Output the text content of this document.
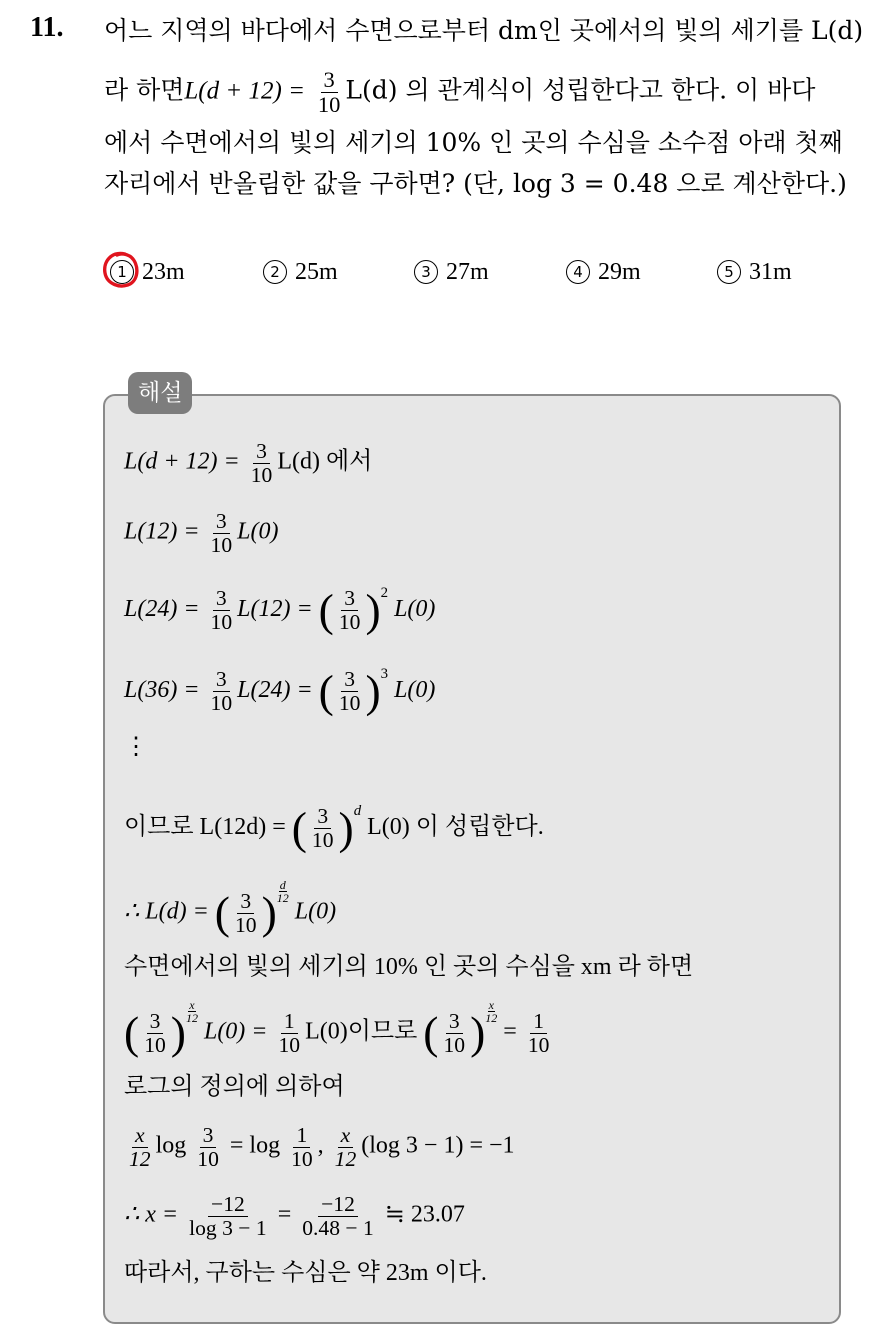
11. 어느 지역의 바다에서 수면으로부터 dm인 곳에서의 빛의 세기를 L(d)
라 하면$L(d + 12) = \frac{3}{10} L(d)$ 의 관계식이 성립한다고 한다. 이 바다
에서 수면에서의 빛의 세기의 10% 인 곳의 수심을 소수점 아래 첫째
자리에서 반올림한 값을 구하면? (단, log 3 = 0.48 으로 계산한다.)
1 23m	2 25m	3 27m	4 29m	5 31m
해설
$L(d + 12) = \frac{3}{10} L(d)$ 에서
$L(12) = \frac{3}{10} L(0)$
$L(24) = \frac{3}{10} L(12)$ = ( $\frac{3}{10} )^2$ L(0)
$L(36) = \frac{3}{10} L(24)$ = ( $\frac{3}{10} )^3$ L(0)
⋮
이므로 L(12d) = ( $\frac{3}{10} )^d$ L(0) 이 성립한다.
∴ L(d) = ( $\frac{3}{10}$ ) $\frac{d}{12}$
L(0)
수면에서의 빛의 세기의 10% 인 곳의 수심을 xm 라 하면
( $\frac{3}{10}$ ) $\frac{x}{12}$
$L(0) = \frac{1}{10} L(0)$이므로 ( $\frac{3}{10}$ ) $\frac{x}{12}$
= $\frac{1}{10}$
로그의 정의에 의하여
$\frac{x}{12}$ $\log \frac{3}{10} = \log \frac{1}{10}$ , $\frac{x}{12} (\log$ 3 − 1) = −1
∴ $x = \frac{-12}{\log 3 - 1} = \frac{-12}{0.48 - 1}$ ≒ 23.07
따라서, 구하는 수심은 약 23m 이다.
